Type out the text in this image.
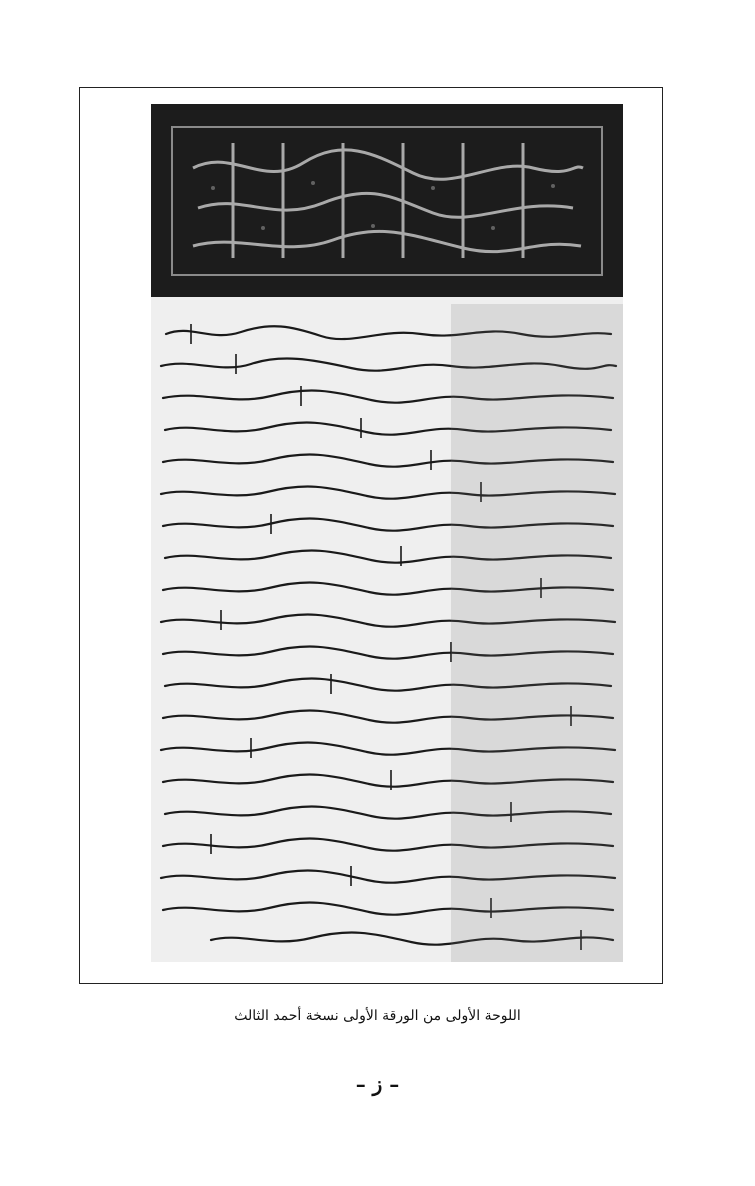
اللوحة الأولى من الورقة الأولى نسخة أحمد الثالث
– ز –
